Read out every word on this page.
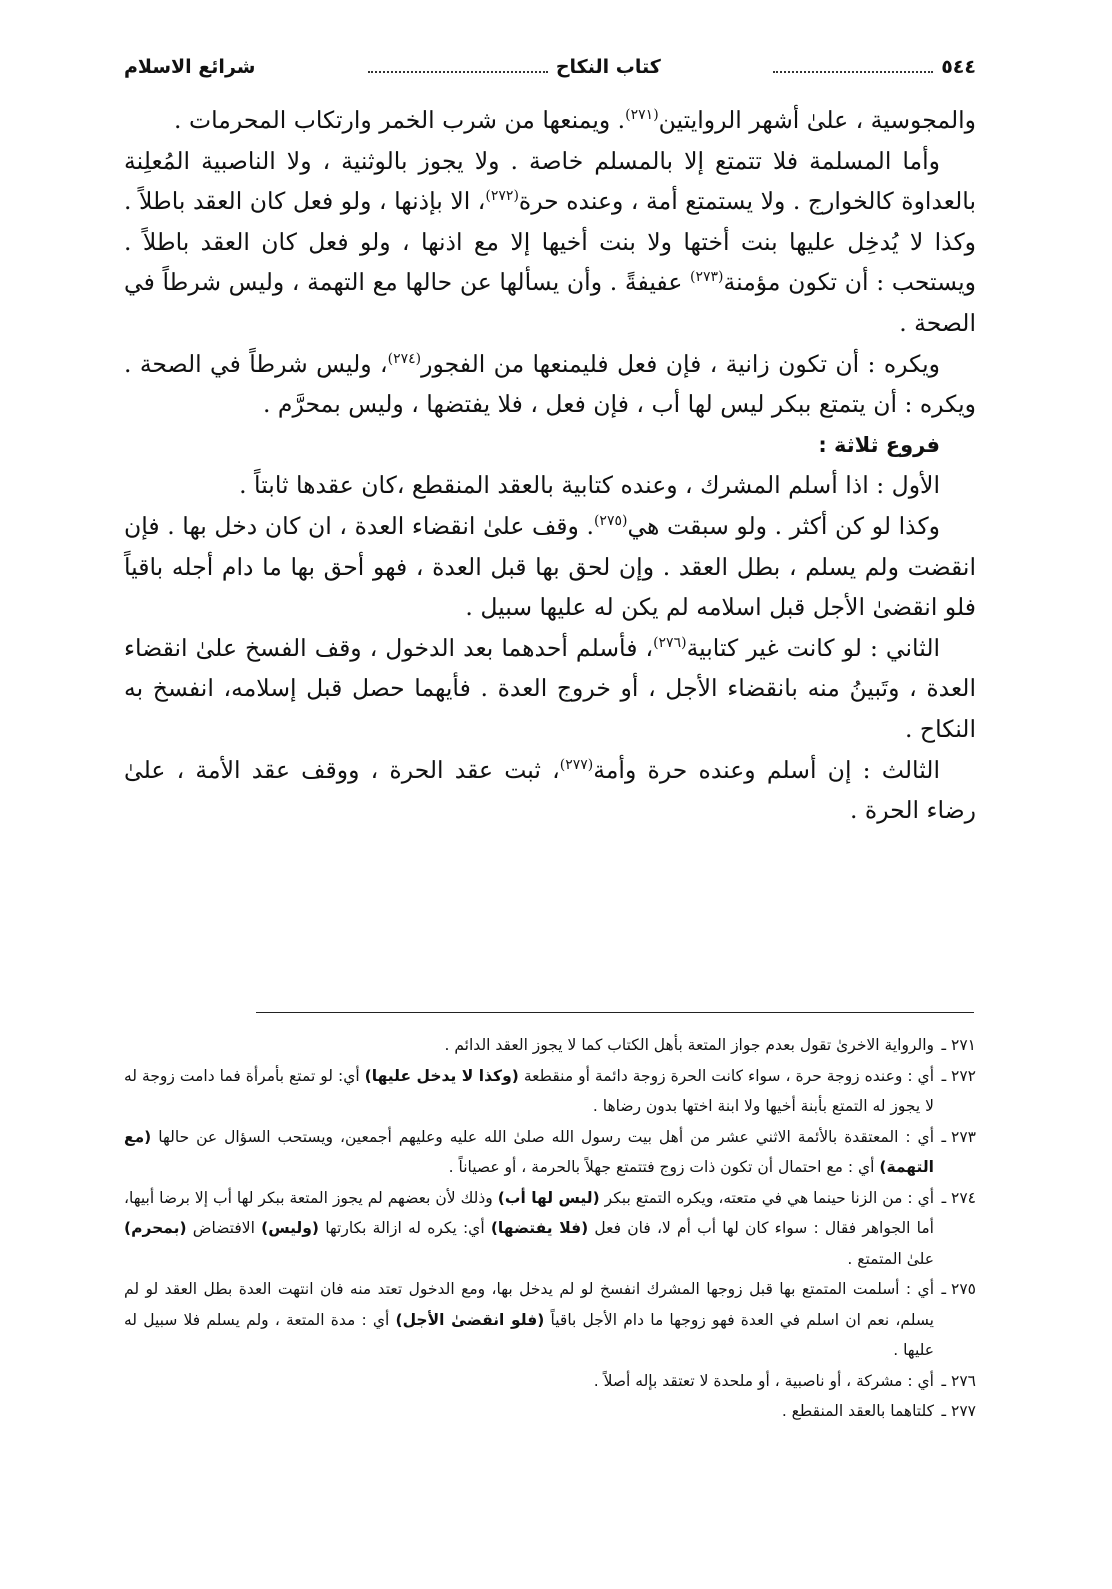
٥٤٤
كتاب النكاح
شرائع الاسلام

والمجوسية ، علىٰ أشهر الروايتين$^{(٢٧١)}$. ويمنعها من شرب الخمر وارتكاب المحرمات .

وأما المسلمة فلا تتمتع إلا بالمسلم خاصة . ولا يجوز بالوثنية ، ولا الناصبية المُعلِنة بالعداوة كالخوارج . ولا يستمتع أمة ، وعنده حرة$^{(٢٧٢)}$، الا بإذنها ، ولو فعل كان العقد باطلاً . وكذا لا يُدخِل عليها بنت أختها ولا بنت أخيها إلا مع اذنها ، ولو فعل كان العقد باطلاً . ويستحب : أن تكون مؤمنة$^{(٢٧٣)}$ عفيفةً . وأن يسألها عن حالها مع التهمة ، وليس شرطاً في الصحة .

ويكره : أن تكون زانية ، فإن فعل فليمنعها من الفجور$^{(٢٧٤)}$، وليس شرطاً في الصحة . ويكره : أن يتمتع ببكر ليس لها أب ، فإن فعل ، فلا يفتضها ، وليس بمحرَّم .

فروع ثلاثة :

الأول : اذا أسلم المشرك ، وعنده كتابية بالعقد المنقطع ،كان عقدها ثابتاً .

وكذا لو كن أكثر . ولو سبقت هي$^{(٢٧٥)}$. وقف علىٰ انقضاء العدة ، ان كان دخل بها . فإن انقضت ولم يسلم ، بطل العقد . وإن لحق بها قبل العدة ، فهو أحق بها ما دام أجله باقياً فلو انقضىٰ الأجل قبل اسلامه لم يكن له عليها سبيل .

الثاني : لو كانت غير كتابية$^{(٢٧٦)}$، فأسلم أحدهما بعد الدخول ، وقف الفسخ علىٰ انقضاء العدة ، وتَبينُ منه بانقضاء الأجل ، أو خروج العدة . فأيهما حصل قبل إسلامه، انفسخ به النكاح .

الثالث : إن أسلم وعنده حرة وأمة$^{(٢٧٧)}$، ثبت عقد الحرة ، ووقف عقد الأمة ، علىٰ رضاء الحرة .

٢٧١ ـوالرواية الاخرىٰ تقول بعدم جواز المتعة بأهل الكتاب كما لا يجوز العقد الدائم .

٢٧٢ ـأي : وعنده زوجة حرة ، سواء كانت الحرة زوجة دائمة أو منقطعة (وكذا لا يدخل عليها) أي: لو تمتع بأمرأة فما دامت زوجة له لا يجوز له التمتع بأبنة أخيها ولا ابنة اختها بدون رضاها .

٢٧٣ ـأي : المعتقدة بالأئمة الاثني عشر من أهل بيت رسول الله صلىٰ الله عليه وعليهم أجمعين، ويستحب السؤال عن حالها (مع التهمة) أي : مع احتمال أن تكون ذات زوج فتتمتع جهلاً بالحرمة ، أو عصياناً .

٢٧٤ ـأي : من الزنا حينما هي في متعته، ويكره التمتع ببكر (ليس لها أب) وذلك لأن بعضهم لم يجوز المتعة ببكر لها أب إلا برضا أبيها، أما الجواهر فقال : سواء كان لها أب أم لا، فان فعل (فلا يفتضها) أي: يكره له ازالة بكارتها (وليس) الافتضاض (بمحرم) علىٰ المتمتع .

٢٧٥ ـأي : أسلمت المتمتع بها قبل زوجها المشرك انفسخ لو لم يدخل بها، ومع الدخول تعتد منه فان انتهت العدة بطل العقد لو لم يسلم، نعم ان اسلم في العدة فهو زوجها ما دام الأجل باقياً (فلو انقضىٰ الأجل) أي : مدة المتعة ، ولم يسلم فلا سبيل له عليها .

٢٧٦ ـأي : مشركة ، أو ناصبية ، أو ملحدة لا تعتقد بإله أصلاً .

٢٧٧ ـكلتاهما بالعقد المنقطع .
